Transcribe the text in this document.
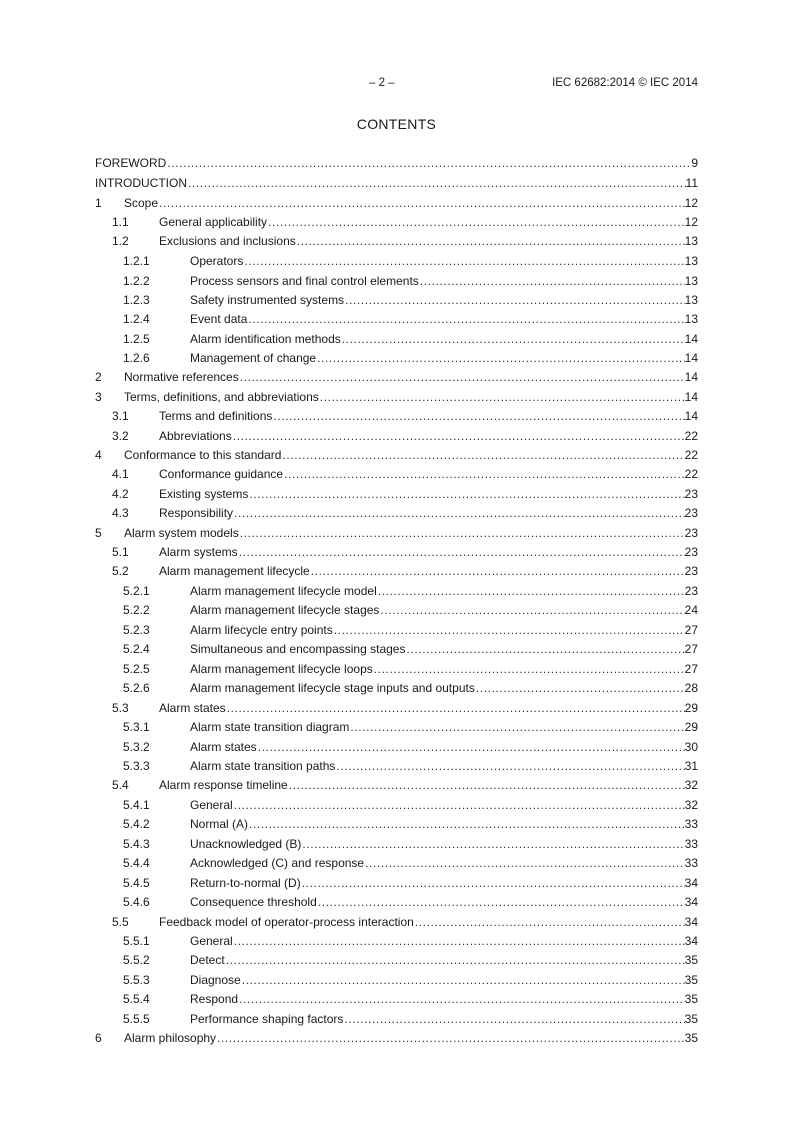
– 2 –	IEC 62682:2014 © IEC 2014
CONTENTS
FOREWORD .....	9
INTRODUCTION .....	11
1 Scope .....	12
1.1	General applicability .....	12
1.2	Exclusions and inclusions .....	13
1.2.1	Operators .....	13
1.2.2	Process sensors and final control elements .....	13
1.2.3	Safety instrumented systems .....	13
1.2.4	Event data .....	13
1.2.5	Alarm identification methods .....	14
1.2.6	Management of change .....	14
2 Normative references .....	14
3 Terms, definitions, and abbreviations .....	14
3.1	Terms and definitions .....	14
3.2	Abbreviations .....	22
4 Conformance to this standard .....	22
4.1	Conformance guidance .....	22
4.2	Existing systems .....	23
4.3	Responsibility .....	23
5 Alarm system models .....	23
5.1	Alarm systems .....	23
5.2	Alarm management lifecycle .....	23
5.2.1	Alarm management lifecycle model .....	23
5.2.2	Alarm management lifecycle stages .....	24
5.2.3	Alarm lifecycle entry points .....	27
5.2.4	Simultaneous and encompassing stages .....	27
5.2.5	Alarm management lifecycle loops .....	27
5.2.6	Alarm management lifecycle stage inputs and outputs .....	28
5.3	Alarm states .....	29
5.3.1	Alarm state transition diagram .....	29
5.3.2	Alarm states .....	30
5.3.3	Alarm state transition paths .....	31
5.4	Alarm response timeline .....	32
5.4.1	General .....	32
5.4.2	Normal (A) .....	33
5.4.3	Unacknowledged (B) .....	33
5.4.4	Acknowledged (C) and response .....	33
5.4.5	Return-to-normal (D) .....	34
5.4.6	Consequence threshold .....	34
5.5	Feedback model of operator-process interaction .....	34
5.5.1	General .....	34
5.5.2	Detect .....	35
5.5.3	Diagnose .....	35
5.5.4	Respond .....	35
5.5.5	Performance shaping factors .....	35
6 Alarm philosophy .....	35
